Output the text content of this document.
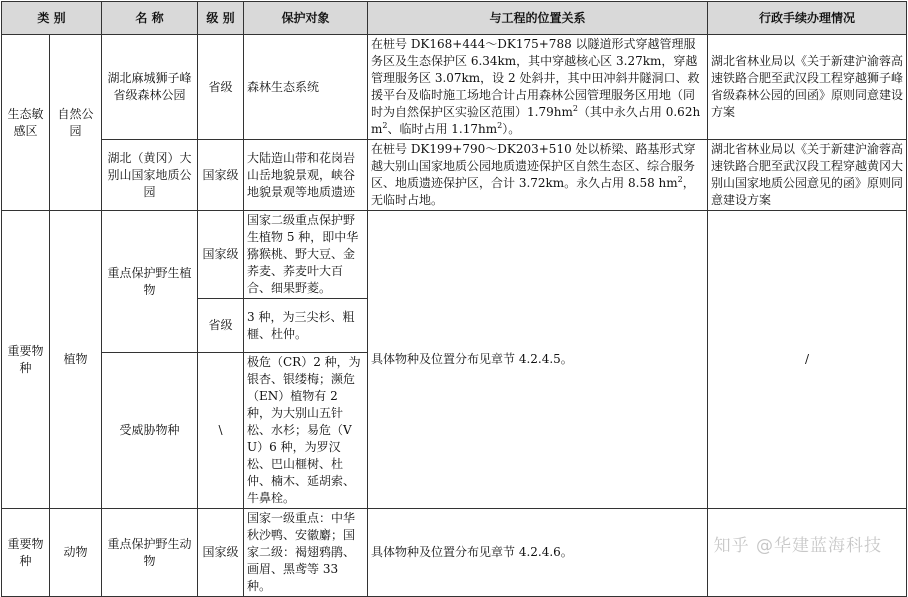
类 别		名 称	级 别	保护对象	与工程的位置关系	行政手续办理情况
生态敏感区	自然公园	湖北麻城狮子峰省级森林公园	省级	森林生态系统	在桩号 DK168+444～DK175+788 以隧道形式穿越管理服务区及生态保护区 6.34km，其中穿越核心区 3.27km，穿越管理服务区 3.07km，设 2 处斜井，其中田冲斜井隧洞口、救援平台及临时施工场地合计占用森林公园管理服务区用地（同时为自然保护区实验区范围）$1.79hm^2$（其中永久占用 $0.62hm^2$、临时占用 $1.17hm^2$）。	湖北省林业局以《关于新建沪渝蓉高速铁路合肥至武汉段工程穿越狮子峰省级森林公园的回函》原则同意建设方案
		湖北（黄冈）大别山国家地质公园	国家级	大陆造山带和花岗岩山岳地貌景观，峡谷地貌景观等地质遗迹	在桩号 DK199+790～DK203+510 处以桥梁、路基形式穿越大别山国家地质公园地质遗迹保护区自然生态区、综合服务区、地质遗迹保护区，合计 3.72km。永久占用 8.58 $hm^2$，无临时占地。	湖北省林业局以《关于新建沪渝蓉高速铁路合肥至武汉段工程穿越黄冈大别山国家地质公园意见的函》原则同意建设方案
重要物种	植物	重点保护野生植物	国家级	国家二级重点保护野生植物 5 种，即中华猕猴桃、野大豆、金荞麦、荞麦叶大百合、细果野菱。	具体物种及位置分布见章节 4.2.4.5。	/
			省级	3 种，为三尖杉、粗榧、杜仲。		
		受威胁物种	\	极危（CR）2 种，为银杏、银缕梅；濒危（EN）植物有 2 种，为大别山五针松、水杉；易危（VU）6 种，为罗汉松、巴山榧树、杜仲、楠木、延胡索、牛鼻栓。		
重要物种	动物	重点保护野生动物	国家级	国家一级重点：中华秋沙鸭、安徽麝；国家二级：褐翅鸦鹃、画眉、黑鸢等 33 种。	具体物种及位置分布见章节 4.2.4.6。		知乎 @华建蓝海科技
